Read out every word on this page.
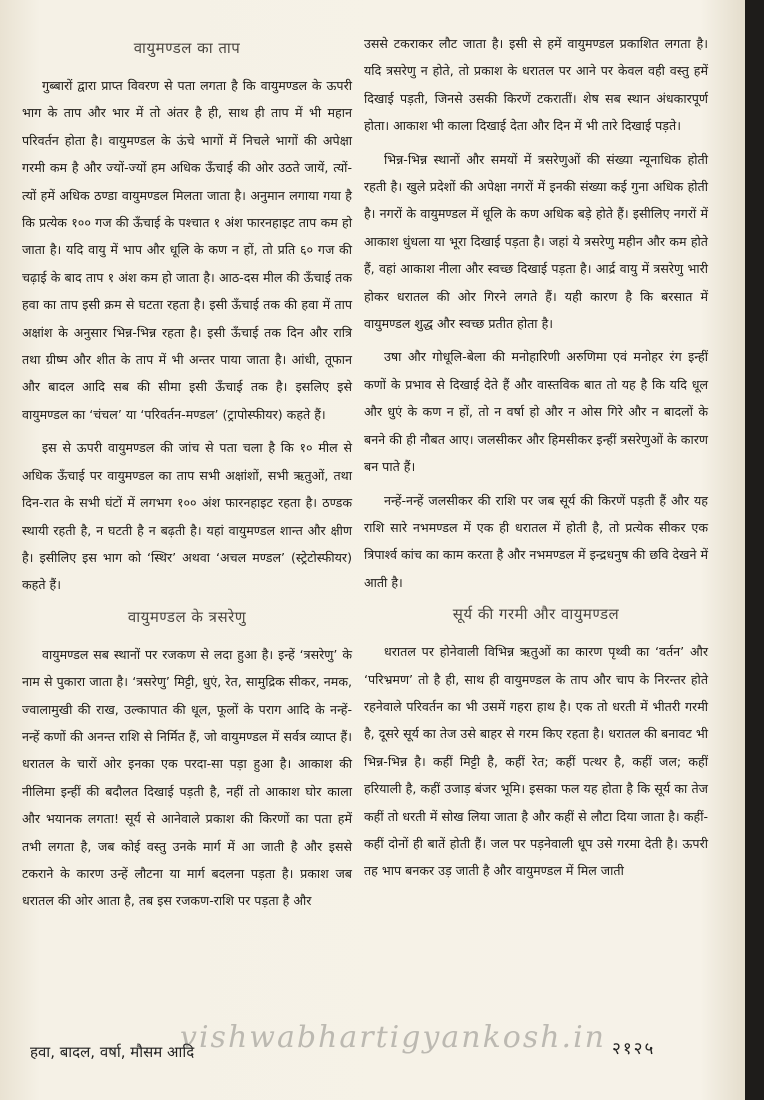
वायुमण्डल का ताप

गुब्बारों द्वारा प्राप्त विवरण से पता लगता है कि वायुमण्डल के ऊपरी भाग के ताप और भार में तो अंतर है ही, साथ ही ताप में भी महान परिवर्तन होता है। वायुमण्डल के ऊंचे भागों में निचले भागों की अपेक्षा गरमी कम है और ज्यों-ज्यों हम अधिक ऊँचाई की ओर उठते जायें, त्यों-त्यों हमें अधिक ठण्डा वायुमण्डल मिलता जाता है। अनुमान लगाया गया है कि प्रत्येक १०० गज की ऊँचाई के पश्चात १ अंश फारनहाइट ताप कम हो जाता है। यदि वायु में भाप और धूलि के कण न हों, तो प्रति ६० गज की चढ़ाई के बाद ताप १ अंश कम हो जाता है। आठ-दस मील की ऊँचाई तक हवा का ताप इसी क्रम से घटता रहता है। इसी ऊँचाई तक की हवा में ताप अक्षांश के अनुसार भिन्न-भिन्न रहता है। इसी ऊँचाई तक दिन और रात्रि तथा ग्रीष्म और शीत के ताप में भी अन्तर पाया जाता है। आंधी, तूफान और बादल आदि सब की सीमा इसी ऊँचाई तक है। इसलिए इसे वायुमण्डल का ‘चंचल’ या ‘परिवर्तन-मण्डल’ (ट्रापोस्फीयर) कहते हैं।

इस से ऊपरी वायुमण्डल की जांच से पता चला है कि १० मील से अधिक ऊँचाई पर वायुमण्डल का ताप सभी अक्षांशों, सभी ऋतुओं, तथा दिन-रात के सभी घंटों में लगभग १०० अंश फारनहाइट रहता है। ठण्डक स्थायी रहती है, न घटती है न बढ़ती है। यहां वायुमण्डल शान्त और क्षीण है। इसीलिए इस भाग को ‘स्थिर’ अथवा ‘अचल मण्डल’ (स्ट्रेटोस्फीयर) कहते हैं।

वायुमण्डल के त्रसरेणु

वायुमण्डल सब स्थानों पर रजकण से लदा हुआ है। इन्हें ‘त्रसरेणु’ के नाम से पुकारा जाता है। ‘त्रसरेणु’ मिट्टी, धुएं, रेत, सामुद्रिक सीकर, नमक, ज्वालामुखी की राख, उल्कापात की धूल, फूलों के पराग आदि के नन्हें-नन्हें कणों की अनन्त राशि से निर्मित हैं, जो वायुमण्डल में सर्वत्र व्याप्त हैं। धरातल के चारों ओर इनका एक परदा-सा पड़ा हुआ है। आकाश की नीलिमा इन्हीं की बदौलत दिखाई पड़ती है, नहीं तो आकाश घोर काला और भयानक लगता! सूर्य से आनेवाले प्रकाश की किरणों का पता हमें तभी लगता है, जब कोई वस्तु उनके मार्ग में आ जाती है और इससे टकराने के कारण उन्हें लौटना या मार्ग बदलना पड़ता है। प्रकाश जब धरातल की ओर आता है, तब इस रजकण-राशि पर पड़ता है और

उससे टकराकर लौट जाता है। इसी से हमें वायुमण्डल प्रकाशित लगता है। यदि त्रसरेणु न होते, तो प्रकाश के धरातल पर आने पर केवल वही वस्तु हमें दिखाई पड़ती, जिनसे उसकी किरणें टकरातीं। शेष सब स्थान अंधकारपूर्ण होता। आकाश भी काला दिखाई देता और दिन में भी तारे दिखाई पड़ते।

भिन्न-भिन्न स्थानों और समयों में त्रसरेणुओं की संख्या न्यूनाधिक होती रहती है। खुले प्रदेशों की अपेक्षा नगरों में इनकी संख्या कई गुना अधिक होती है। नगरों के वायुमण्डल में धूलि के कण अधिक बड़े होते हैं। इसीलिए नगरों में आकाश धुंधला या भूरा दिखाई पड़ता है। जहां ये त्रसरेणु महीन और कम होते हैं, वहां आकाश नीला और स्वच्छ दिखाई पड़ता है। आर्द्र वायु में त्रसरेणु भारी होकर धरातल की ओर गिरने लगते हैं। यही कारण है कि बरसात में वायुमण्डल शुद्ध और स्वच्छ प्रतीत होता है।

उषा और गोधूलि-बेला की मनोहारिणी अरुणिमा एवं मनोहर रंग इन्हीं कणों के प्रभाव से दिखाई देते हैं और वास्तविक बात तो यह है कि यदि धूल और धुएं के कण न हों, तो न वर्षा हो और न ओस गिरे और न बादलों के बनने की ही नौबत आए। जलसीकर और हिमसीकर इन्हीं त्रसरेणुओं के कारण बन पाते हैं।

नन्हें-नन्हें जलसीकर की राशि पर जब सूर्य की किरणें पड़ती हैं और यह राशि सारे नभमण्डल में एक ही धरातल में होती है, तो प्रत्येक सीकर एक त्रिपार्श्व कांच का काम करता है और नभमण्डल में इन्द्रधनुष की छवि देखने में आती है।

सूर्य की गरमी और वायुमण्डल

धरातल पर होनेवाली विभिन्न ऋतुओं का कारण पृथ्वी का ‘वर्तन’ और ‘परिभ्रमण’ तो है ही, साथ ही वायुमण्डल के ताप और चाप के निरन्तर होते रहनेवाले परिवर्तन का भी उसमें गहरा हाथ है। एक तो धरती में भीतरी गरमी है, दूसरे सूर्य का तेज उसे बाहर से गरम किए रहता है। धरातल की बनावट भी भिन्न-भिन्न है। कहीं मिट्टी है, कहीं रेत; कहीं पत्थर है, कहीं जल; कहीं हरियाली है, कहीं उजाड़ बंजर भूमि। इसका फल यह होता है कि सूर्य का तेज कहीं तो धरती में सोख लिया जाता है और कहीं से लौटा दिया जाता है। कहीं-कहीं दोनों ही बातें होती हैं। जल पर पड़नेवाली धूप उसे गरमा देती है। ऊपरी तह भाप बनकर उड़ जाती है और वायुमण्डल में मिल जाती

हवा, बादल, वर्षा, मौसम आदि
vishwabhartigyankosh.in २१२५
